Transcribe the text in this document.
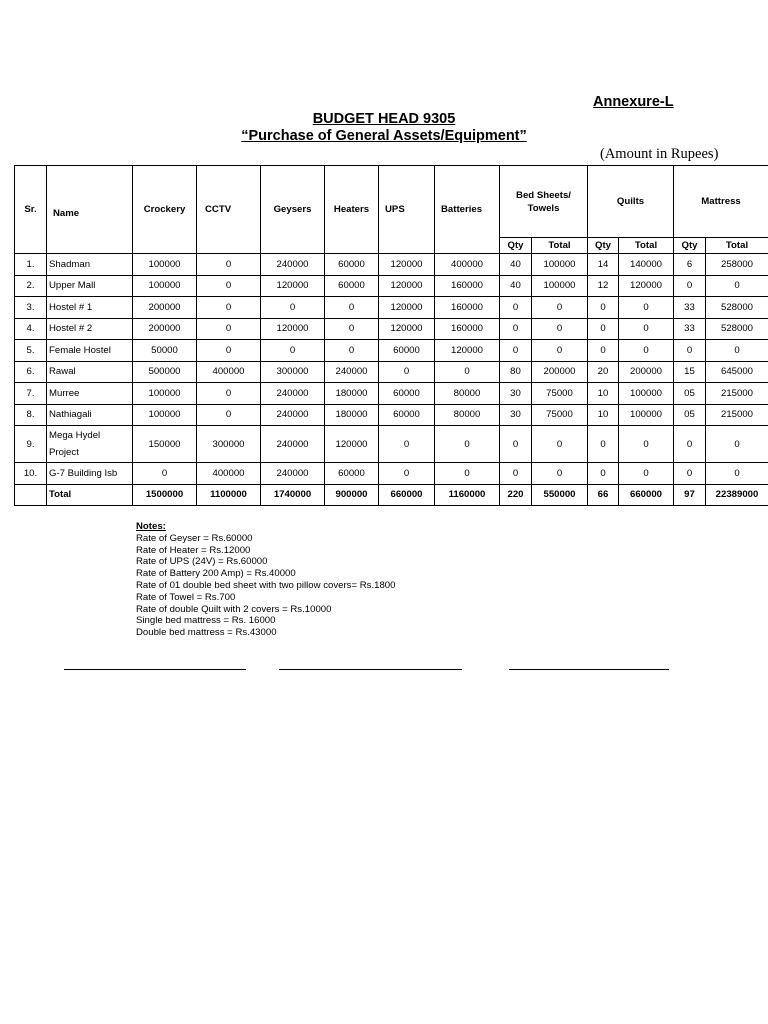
Annexure-L
BUDGET HEAD 9305
“Purchase of General Assets/Equipment”
(Amount in Rupees)
Sr.	Name	Crockery	CCTV	Geysers	Heaters	UPS	Batteries	Bed Sheets/ Towels		Quilts		Mattress		
								Qty	Total	Qty	Total	Qty	Total	
1.	Shadman	100000	0	240000	60000	120000	400000	40	100000	14	140000	6	258000	
2.	Upper Mall	100000	0	120000	60000	120000	160000	40	100000	12	120000	0	0	
3.	Hostel # 1	200000	0	0	0	120000	160000	0	0	0	0	33	528000	
4.	Hostel # 2	200000	0	120000	0	120000	160000	0	0	0	0	33	528000	
5.	Female Hostel	50000	0	0	0	60000	120000	0	0	0	0	0	0	
6.	Rawal	500000	400000	300000	240000	0	0	80	200000	20	200000	15	645000	
7.	Murree	100000	0	240000	180000	60000	80000	30	75000	10	100000	05	215000	
8.	Nathiagali	100000	0	240000	180000	60000	80000	30	75000	10	100000	05	215000	
9.	Mega Hydel Project	150000	300000	240000	120000	0	0	0	0	0	0	0	0	
10.	G-7 Building Isb	0	400000	240000	60000	0	0	0	0	0	0	0	0	
	Total	1500000	1100000	1740000	900000	660000	1160000	220	550000	66	660000	97	22389000	
Notes:
Rate of Geyser = Rs.60000
Rate of Heater = Rs.12000
Rate of UPS (24V) = Rs.60000
Rate of Battery 200 Amp) = Rs.40000
Rate of 01 double bed sheet with two pillow covers= Rs.1800
Rate of Towel = Rs.700
Rate of double Quilt with 2 covers = Rs.10000
Single bed mattress = Rs. 16000
Double bed mattress = Rs.43000
